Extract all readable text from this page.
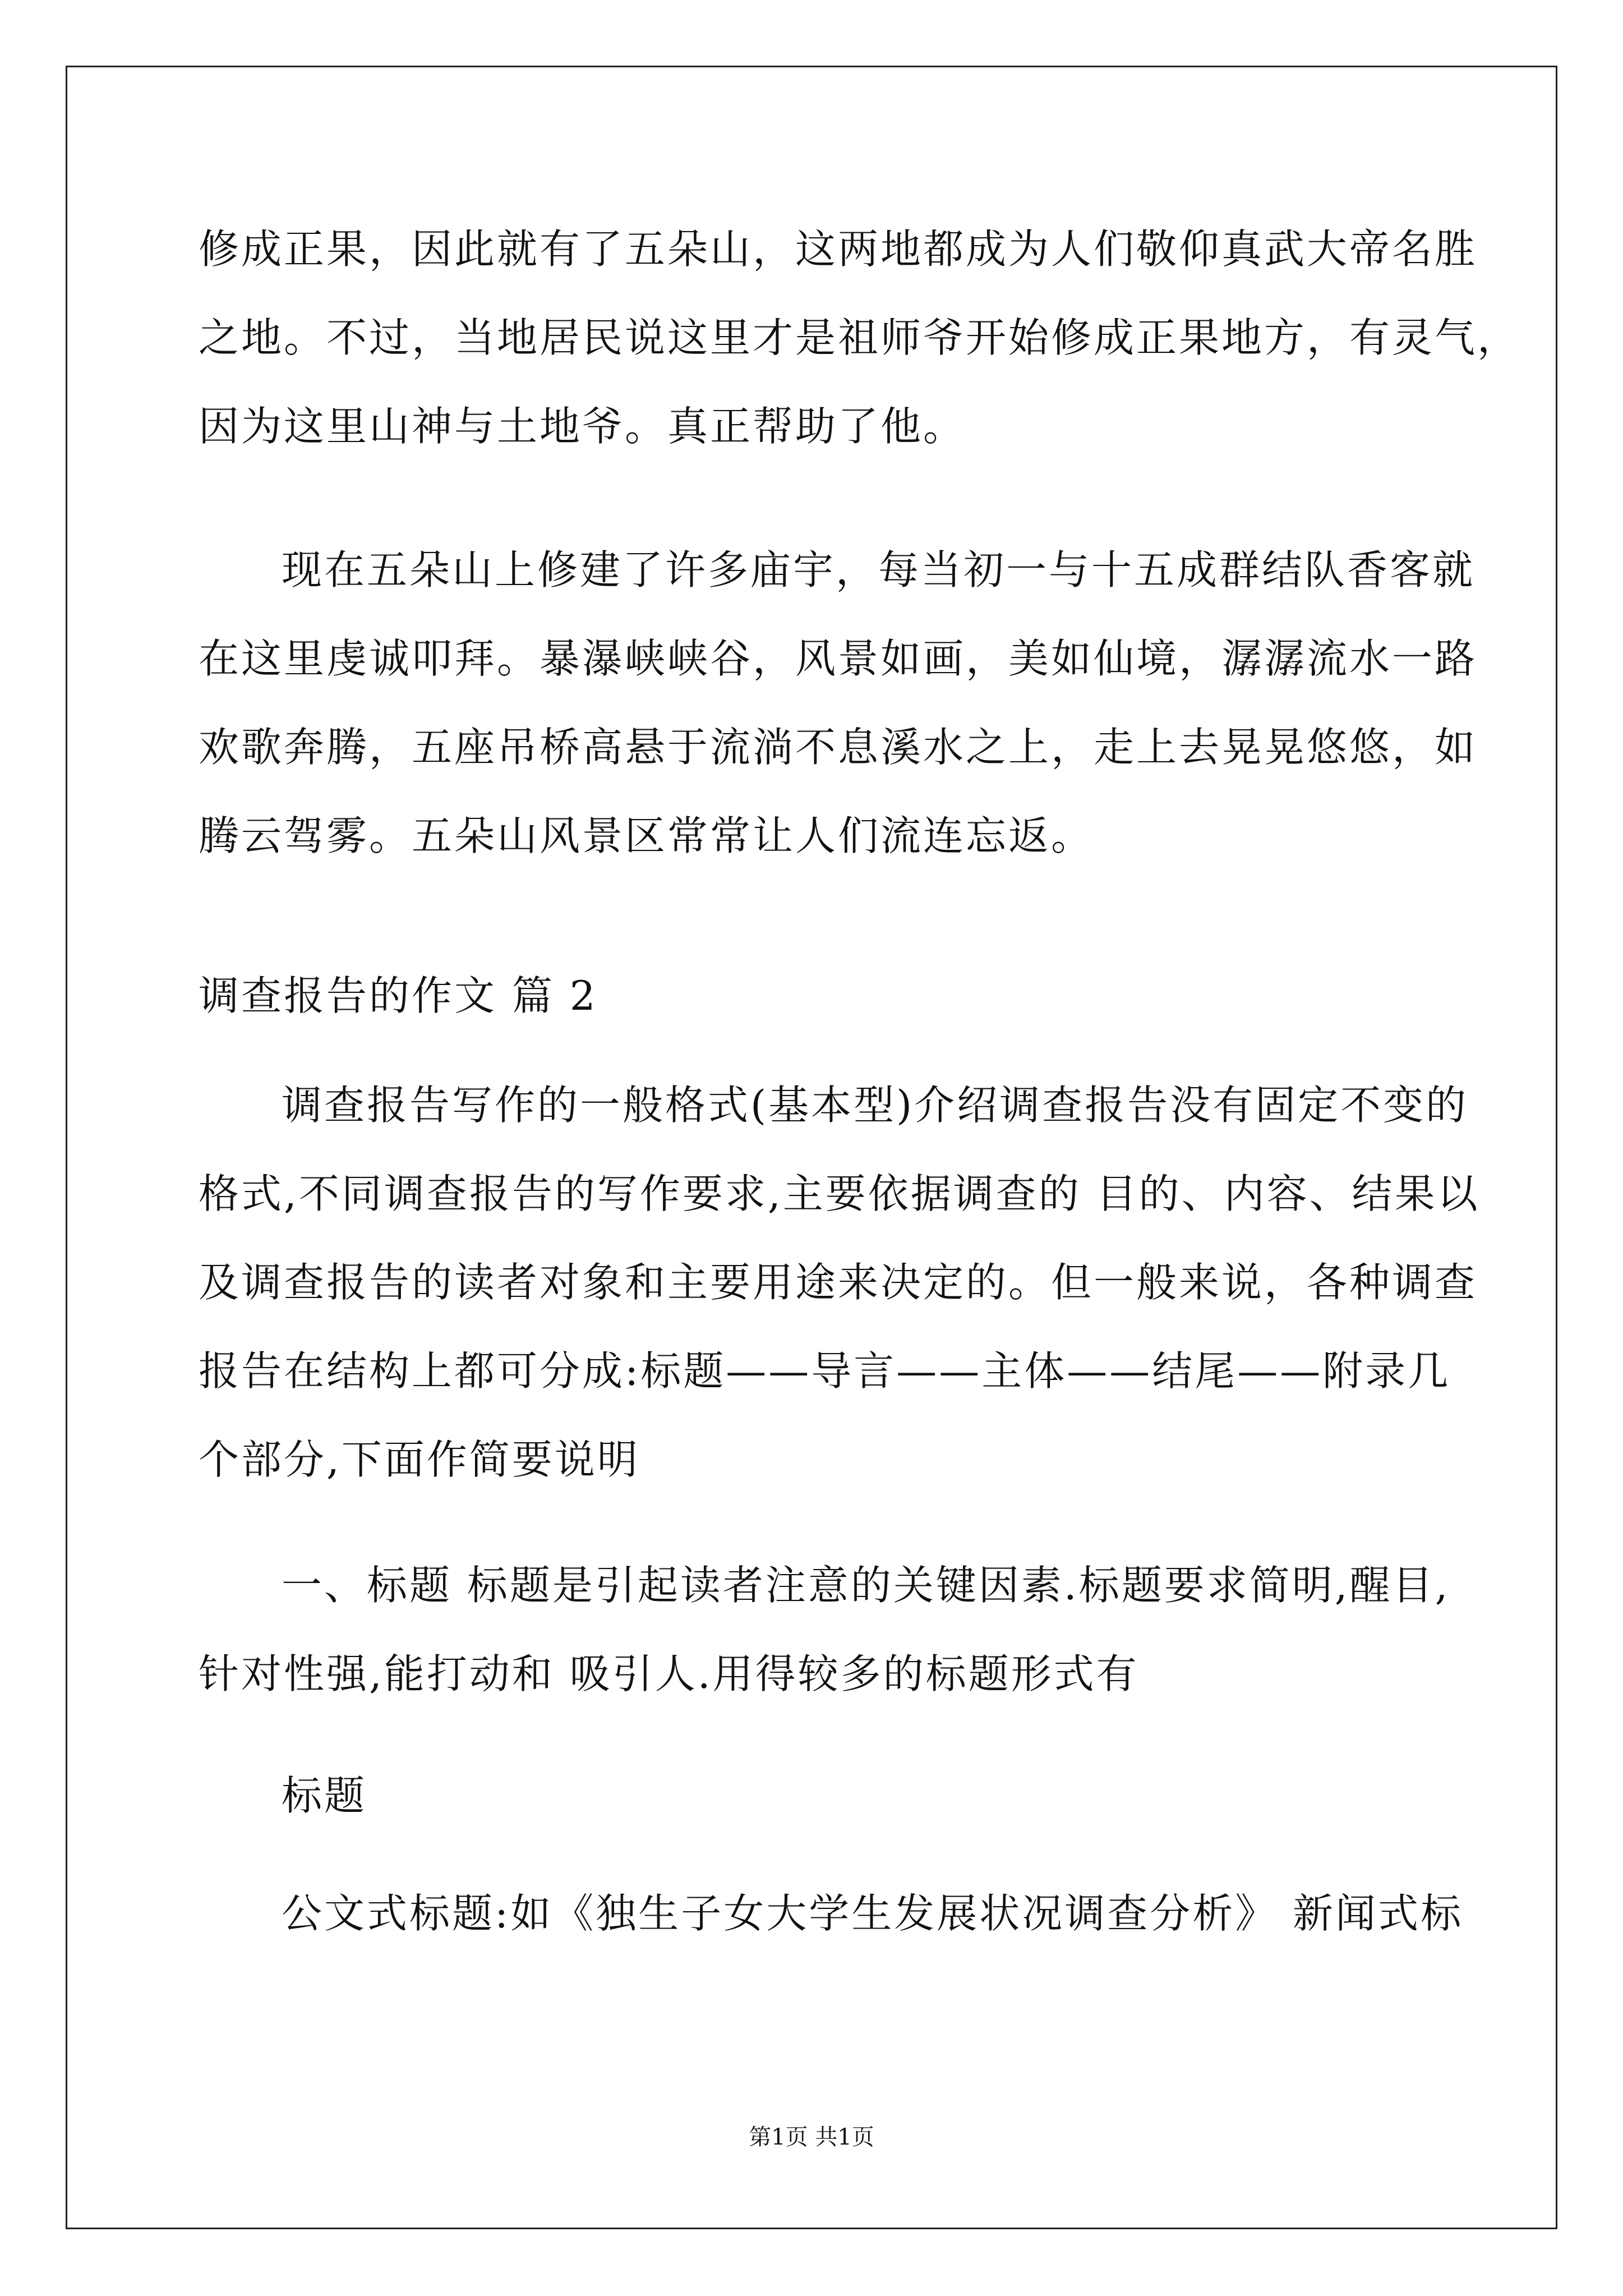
修成正果，因此就有了五朵山，这两地都成为人们敬仰真武大帝名胜
之地。不过，当地居民说这里才是祖师爷开始修成正果地方，有灵气，
因为这里山神与土地爷。真正帮助了他。
现在五朵山上修建了许多庙宇，每当初一与十五成群结队香客就
在这里虔诚叩拜。暴瀑峡峡谷，风景如画，美如仙境，潺潺流水一路
欢歌奔腾，五座吊桥高悬于流淌不息溪水之上，走上去晃晃悠悠，如
腾云驾雾。五朵山风景区常常让人们流连忘返。
调查报告的作文 篇 2
调查报告写作的一般格式(基本型)介绍调查报告没有固定不变的
格式,不同调查报告的写作要求,主要依据调查的 目的、内容、结果以
及调查报告的读者对象和主要用途来决定的。但一般来说，各种调查
报告在结构上都可分成:标题——导言——主体——结尾——附录几
个部分,下面作简要说明
一、标题 标题是引起读者注意的关键因素.标题要求简明,醒目,
针对性强,能打动和 吸引人.用得较多的标题形式有
标题
公文式标题:如《独生子女大学生发展状况调查分析》 新闻式标
第1页 共1页
